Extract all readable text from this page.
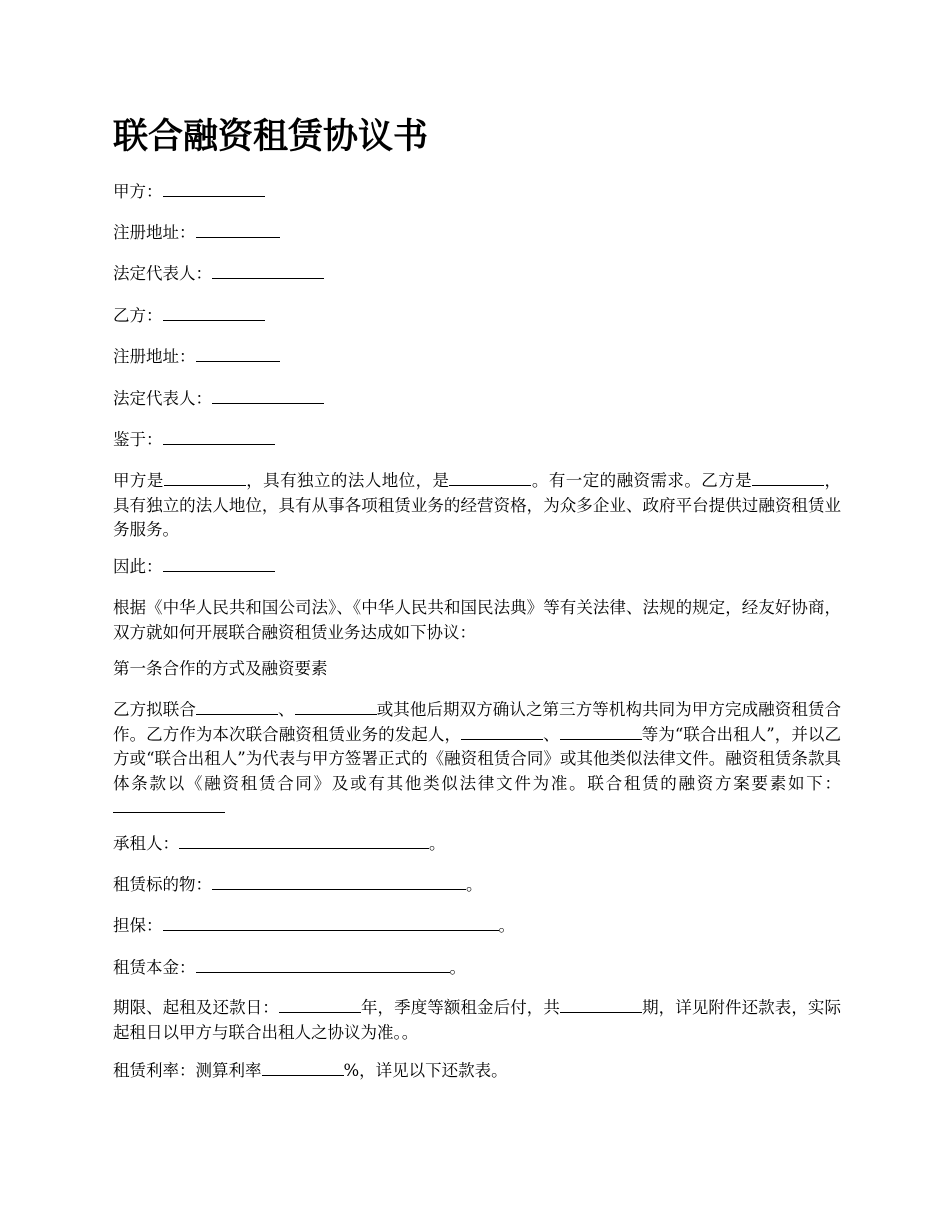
联合融资租赁协议书

甲方：

注册地址：

法定代表人：

乙方：

注册地址：

法定代表人：

鉴于：

甲方是	，具有独立的法人地位，是	。有一定的融资需求。乙方是	，具有独立的法人地位，具有从事各项租赁业务的经营资格，为众多企业、政府平台提供过融资租赁业务服务。

因此：

根据《中华人民共和国公司法》、《中华人民共和国民法典》等有关法律、法规的规定，经友好协商，双方就如何开展联合融资租赁业务达成如下协议：

第一条合作的方式及融资要素

乙方拟联合	、	或其他后期双方确认之第三方等机构共同为甲方完成融资租赁合作。乙方作为本次联合融资租赁业务的发起人，	、	等为“联合出租人”，并以乙方或“联合出租人”为代表与甲方签署正式的《融资租赁合同》或其他类似法律文件。融资租赁条款具体条款以《融资租赁合同》及或有其他类似法律文件为准。联合租赁的融资方案要素如下：

承租人：	。

租赁标的物：	。

担保：	。

租赁本金：	。

期限、起租及还款日：	年，季度等额租金后付，共	期，详见附件还款表，实际起租日以甲方与联合出租人之协议为准。。

租赁利率：测算利率	%，详见以下还款表。
